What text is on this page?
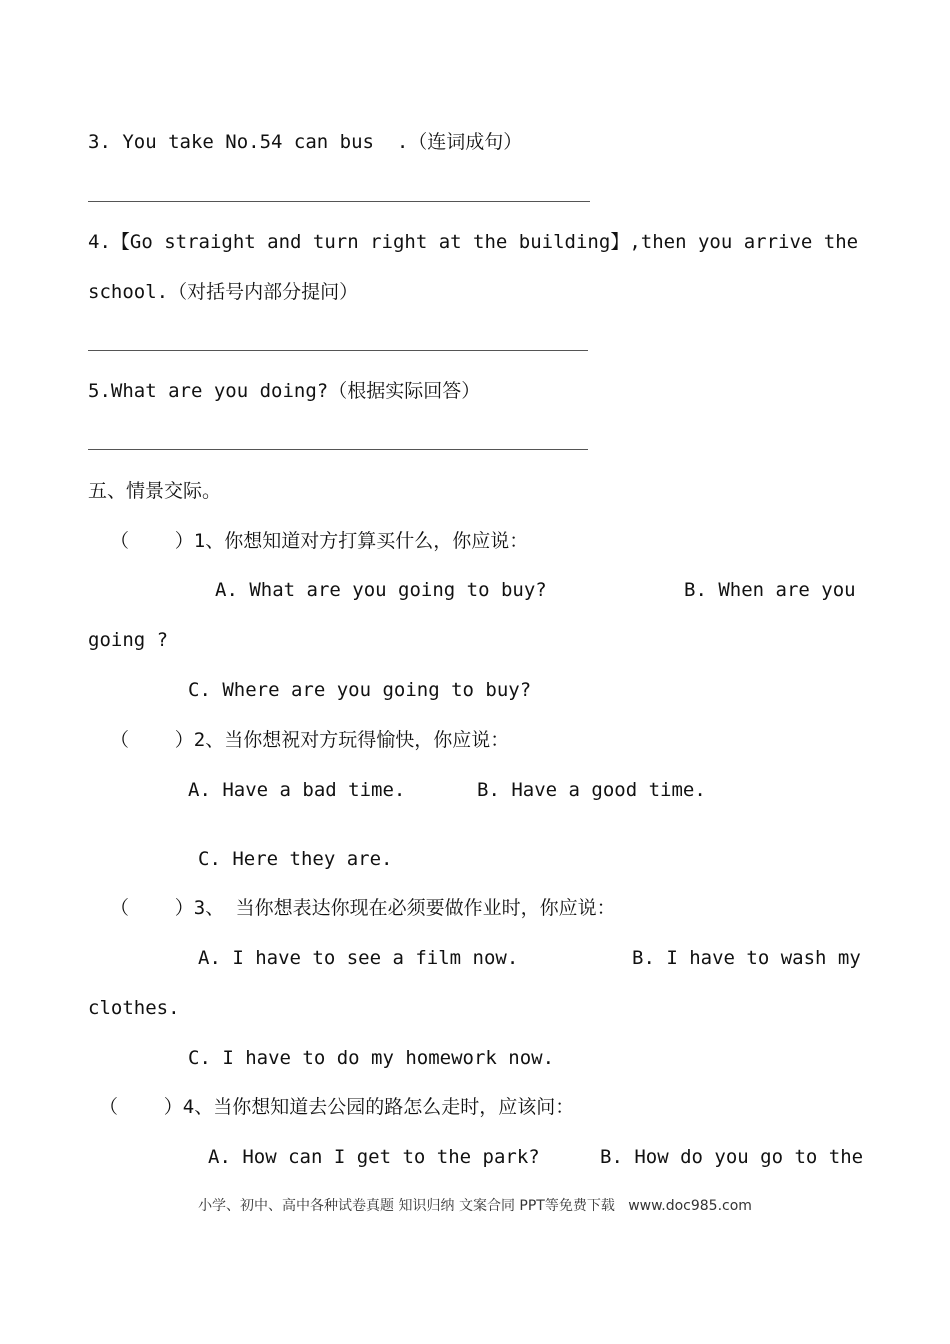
3. You take No.54 can bus  .（连词成句）
4.【Go straight and turn right at the building】,then you arrive the
school.（对括号内部分提问）
5.What are you doing?（根据实际回答）
五、情景交际。
（    ）1、你想知道对方打算买什么，你应说：
A. What are you going to buy?	B. When are you
going ?
C. Where are you going to buy?
（    ）2、当你想祝对方玩得愉快，你应说：
A. Have a bad time.	B. Have a good time.
C. Here they are.
（    ）3、 当你想表达你现在必须要做作业时，你应说：
A. I have to see a film now.	B. I have to wash my
clothes.
C. I have to do my homework now.
（    ）4、当你想知道去公园的路怎么走时，应该问：
A. How can I get to the park?	B. How do you go to the
小学、初中、高中各种试卷真题 知识归纳 文案合同 PPT等免费下载   www.doc985.com
